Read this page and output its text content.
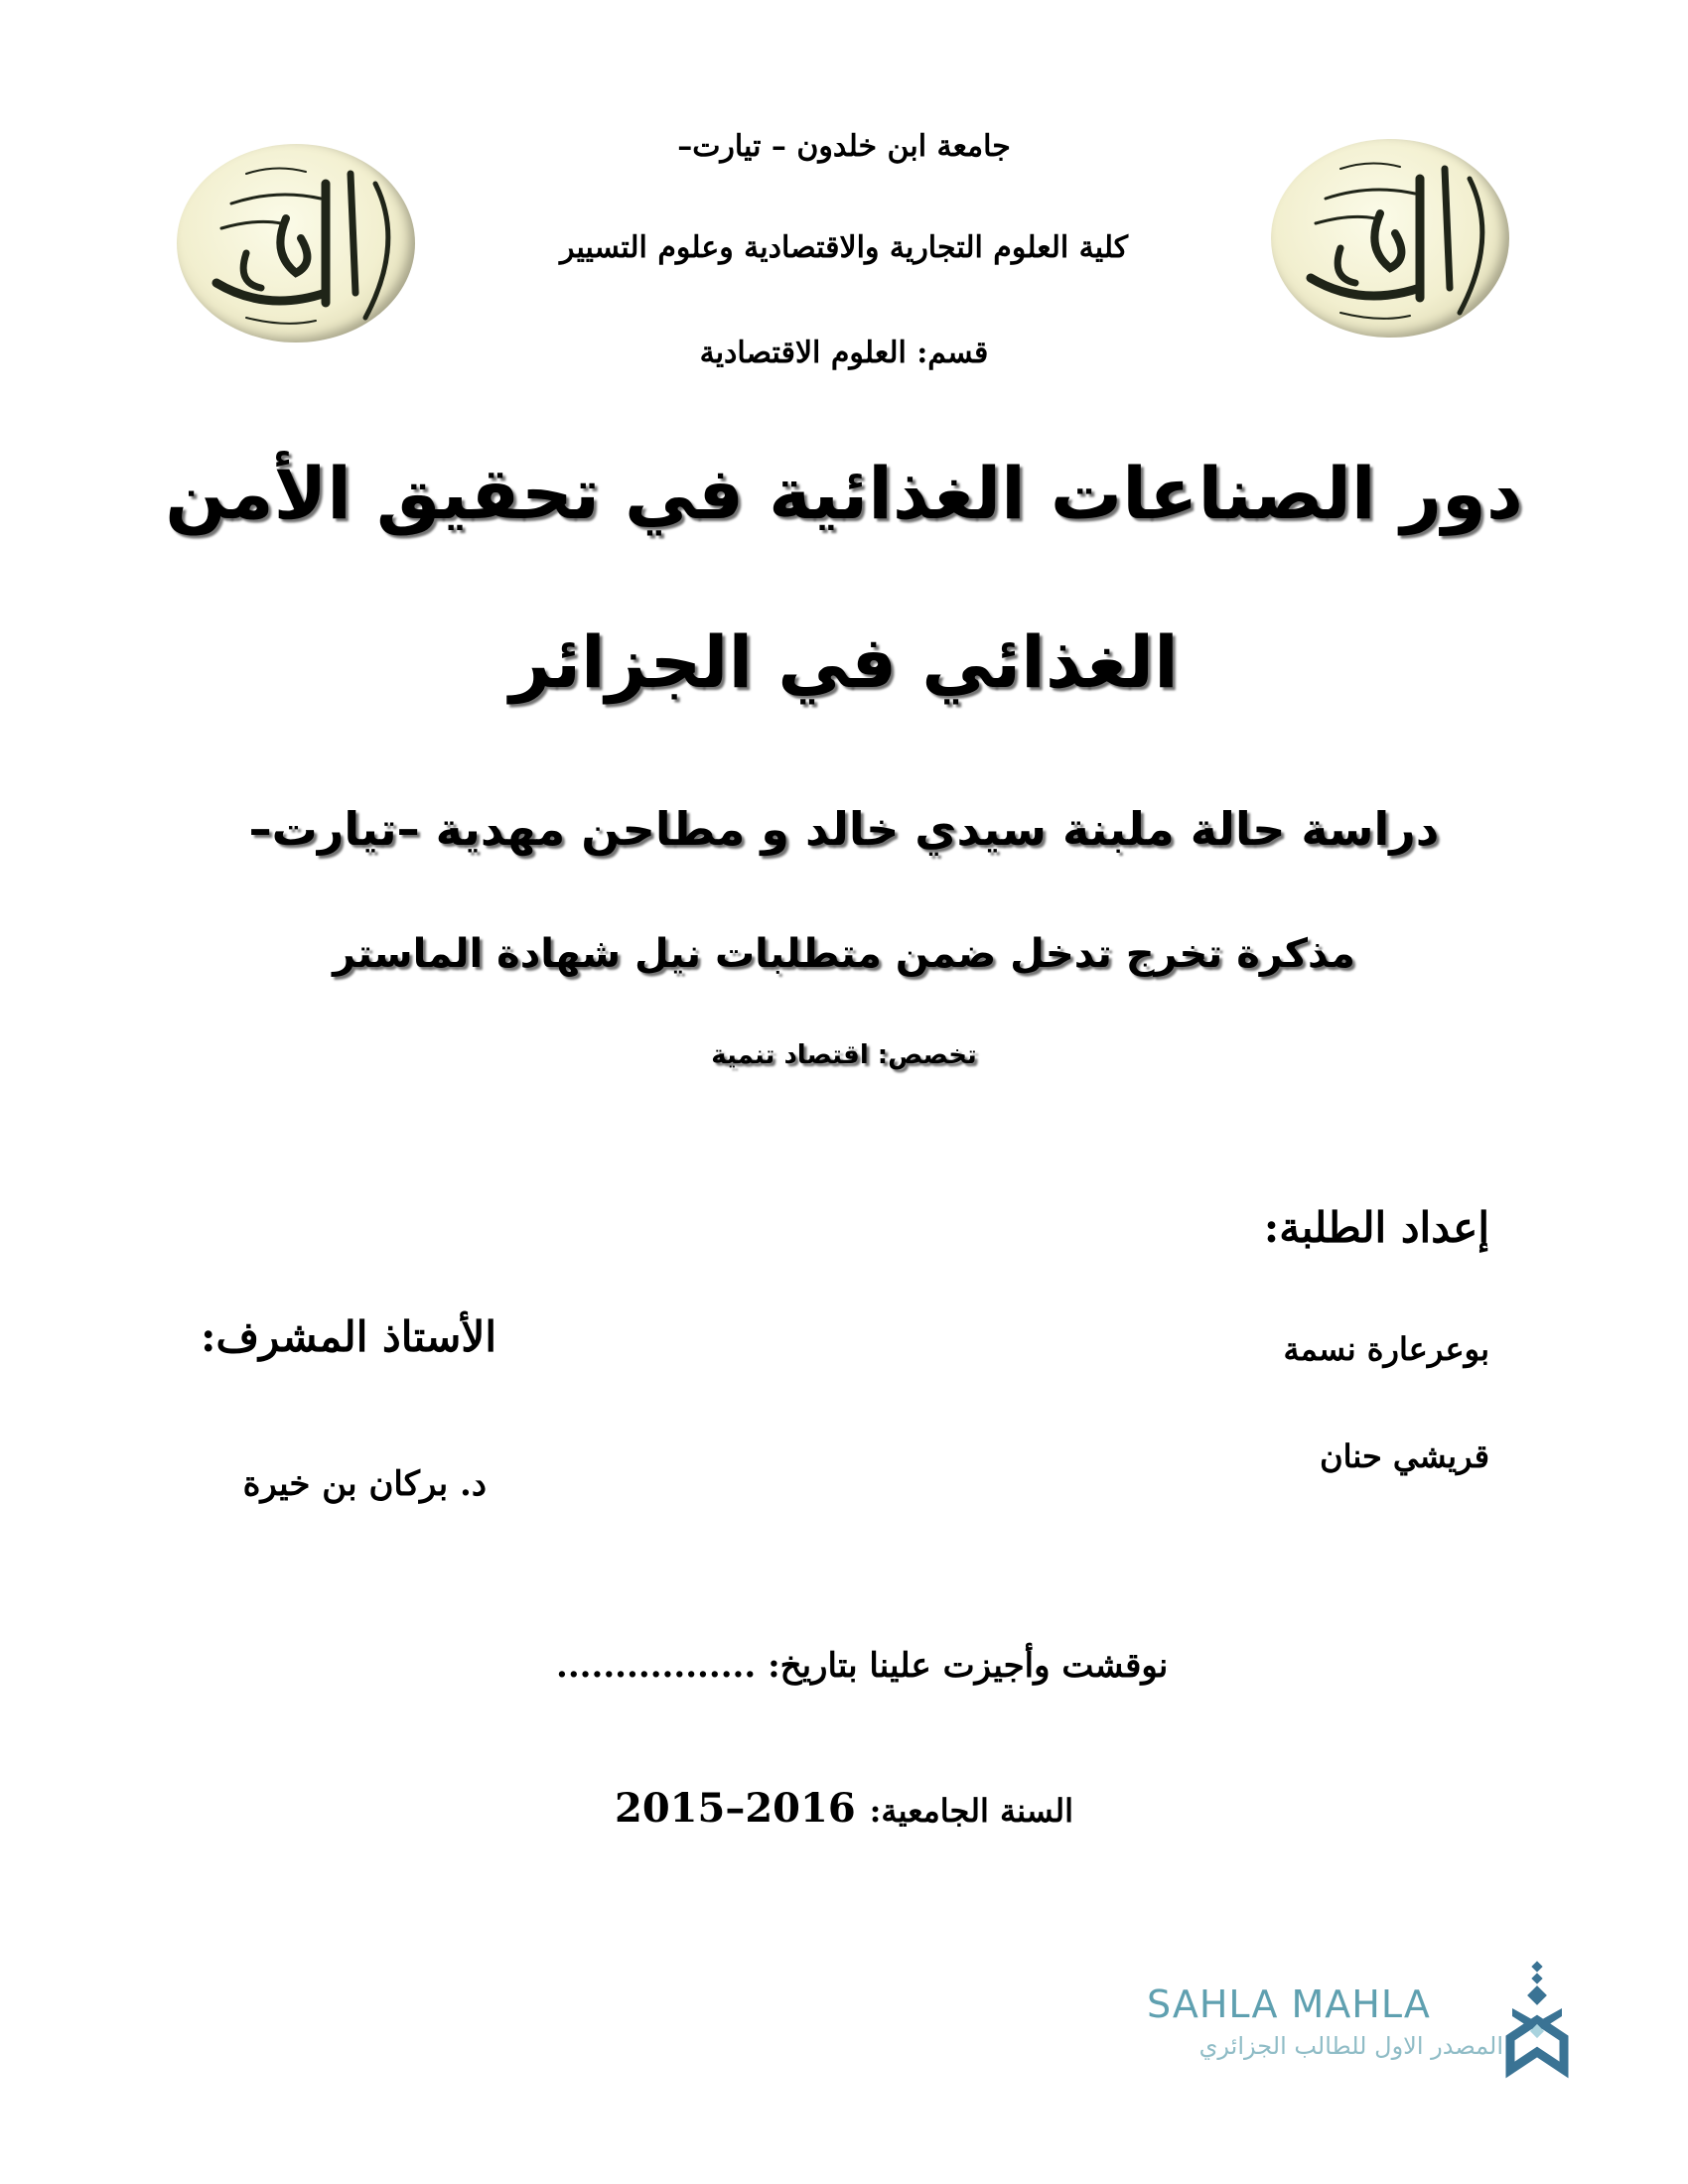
جامعة ابن خلدون – تيارت–
كلية العلوم التجارية والاقتصادية وعلوم التسيير
قسم: العلوم الاقتصادية
دور الصناعات الغذائية في تحقيق الأمن
الغذائي في الجزائر
دراسة حالة ملبنة سيدي خالد و مطاحن مهدية –تيارت–
مذكرة تخرج تدخل ضمن متطلبات نيل شهادة الماستر
تخصص: اقتصاد تنمية
إعداد الطلبة:
بوعرعارة نسمة
قريشي حنان
الأستاذ المشرف:
د. بركان بن خيرة
................. نوقشت وأجيزت علينا بتاريخ:
2015–2016 السنة الجامعية:
SAHLA MAHLA
المصدر الاول للطالب الجزائري
